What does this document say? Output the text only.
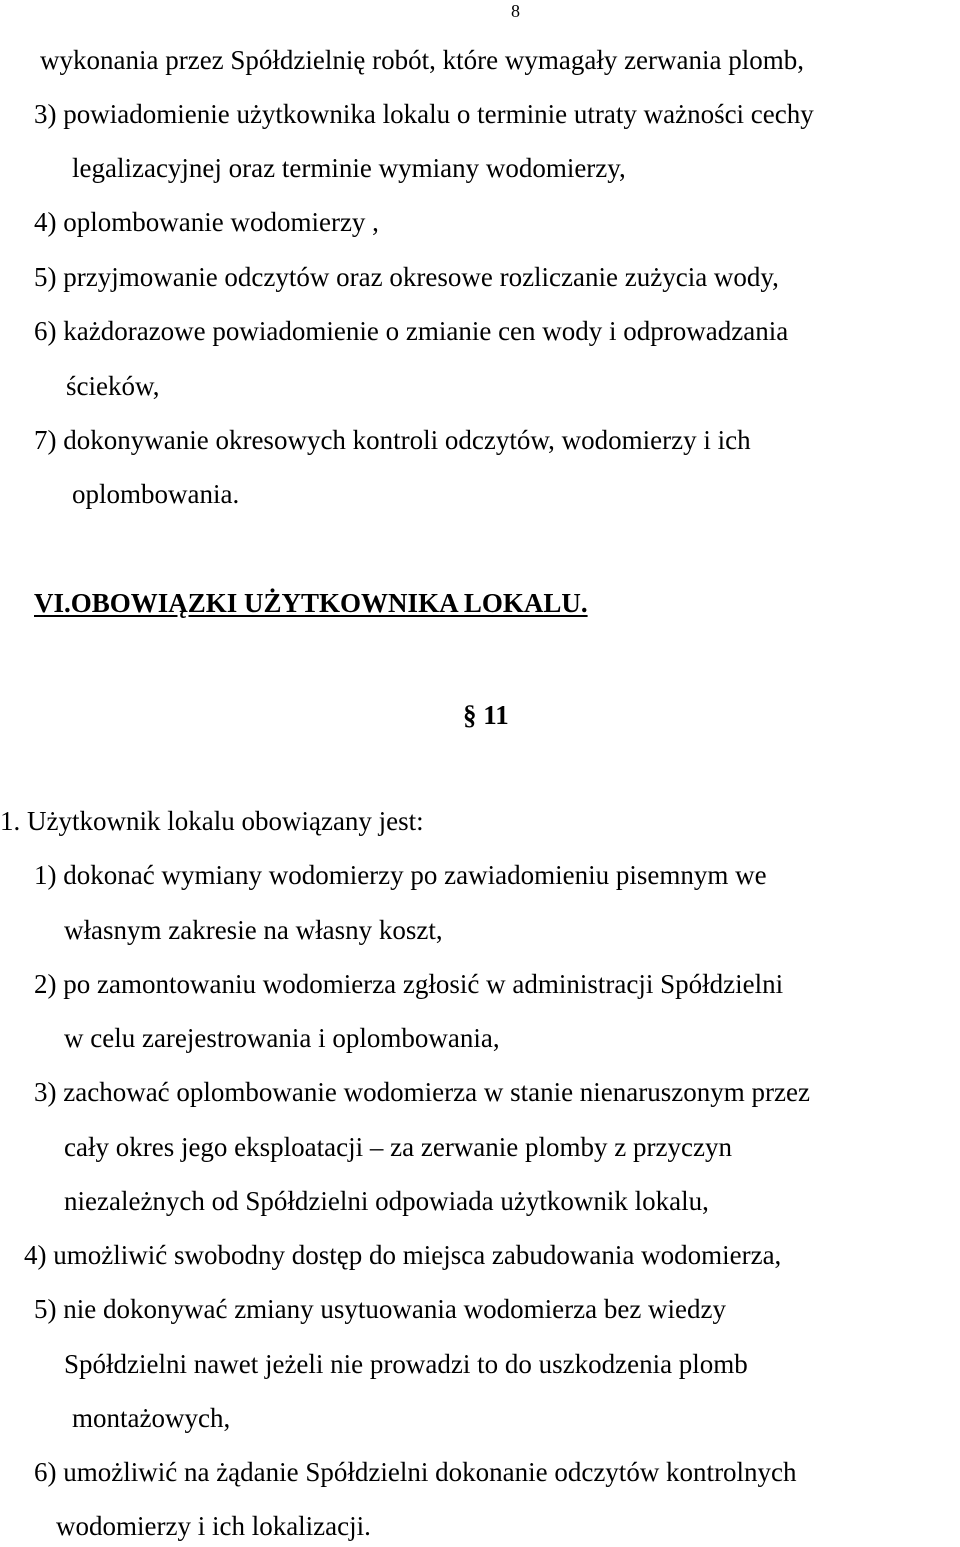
8
wykonania przez Spółdzielnię robót, które wymagały zerwania plomb,
3) powiadomienie użytkownika lokalu o terminie utraty ważności cechy
legalizacyjnej oraz terminie wymiany wodomierzy,
4) oplombowanie wodomierzy ,
5) przyjmowanie odczytów oraz okresowe rozliczanie zużycia wody,
6) każdorazowe powiadomienie o zmianie cen wody i odprowadzania
ścieków,
7) dokonywanie okresowych kontroli odczytów, wodomierzy i ich
oplombowania.
VI.OBOWIĄZKI UŻYTKOWNIKA LOKALU.
§ 11
1. Użytkownik lokalu obowiązany jest:
1) dokonać wymiany wodomierzy po zawiadomieniu pisemnym we
własnym zakresie na własny koszt,
2) po zamontowaniu wodomierza zgłosić w administracji Spółdzielni
w celu zarejestrowania i oplombowania,
3) zachować oplombowanie wodomierza w stanie nienaruszonym przez
cały okres jego eksploatacji – za zerwanie plomby z przyczyn
niezależnych od Spółdzielni odpowiada użytkownik lokalu,
4) umożliwić swobodny dostęp do miejsca zabudowania wodomierza,
5) nie dokonywać zmiany usytuowania wodomierza bez wiedzy
Spółdzielni nawet jeżeli nie prowadzi to do uszkodzenia plomb
montażowych,
6) umożliwić na żądanie Spółdzielni dokonanie odczytów kontrolnych
wodomierzy i ich lokalizacji.
